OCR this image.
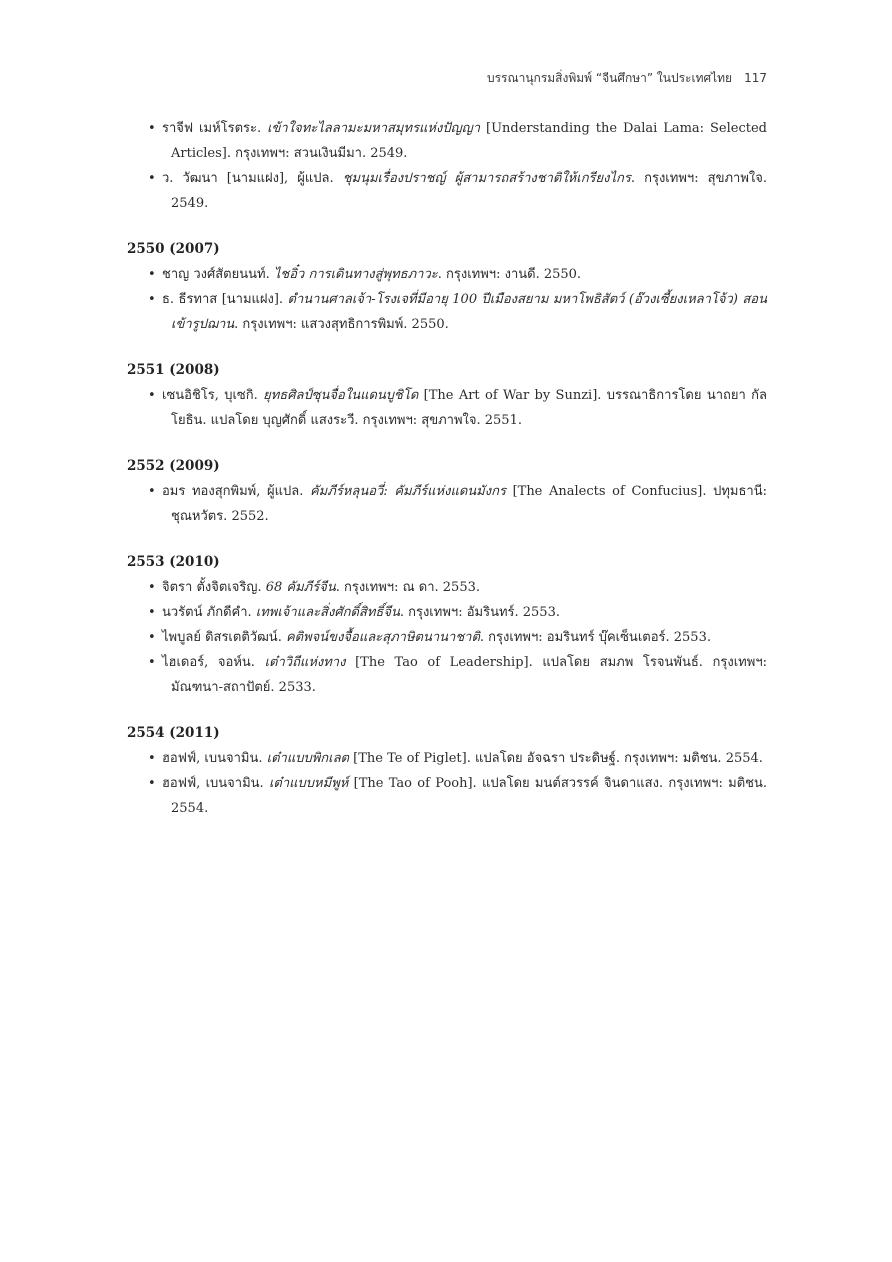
บรรณานุกรมสิ่งพิมพ์ “จีนศึกษา” ในประเทศไทย 117
• ราจีฟ เมห์โรตระ. เข้าใจทะไลลามะมหาสมุทรแห่งปัญญา [Understanding the Dalai Lama: Selected Articles]. กรุงเทพฯ: สวนเงินมีมา. 2549.
• ว. วัฒนา [นามแฝง], ผู้แปล. ชุมนุมเรื่องปราชญ์ ผู้สามารถสร้างชาติให้เกรียงไกร. กรุงเทพฯ: สุขภาพใจ. 2549.
2550 (2007)
• ชาญ วงศ์สัตยนนท์. ไชอิ๋ว การเดินทางสู่พุทธภาวะ. กรุงเทพฯ: งานดี. 2550.
• ธ. ธีรทาส [นามแฝง]. ตำนานศาลเจ้า-โรงเจที่มีอายุ 100 ปีเมืองสยาม มหาโพธิสัตว์ (อ๊วงเซี้ยงเหลาโจ้ว) สอนเข้ารูปฌาน. กรุงเทพฯ: แสวงสุทธิการพิมพ์. 2550.
2551 (2008)
• เซนอิชิโร, บุเซกิ. ยุทธศิลป์ซุนจื่อในแดนบูชิโด [The Art of War by Sunzi]. บรรณาธิการโดย นาถยา กัลโยธิน. แปลโดย บุญศักดิ์ แสงระวี. กรุงเทพฯ: สุขภาพใจ. 2551.
2552 (2009)
• อมร ทองสุกพิมพ์, ผู้แปล. คัมภีร์หลุนอวี่: คัมภีร์แห่งแดนมังกร [The Analects of Confucius]. ปทุมธานี: ชุณหวัตร. 2552.
2553 (2010)
• จิตรา ตั้งจิตเจริญ. 68 คัมภีร์จีน. กรุงเทพฯ: ณ ดา. 2553.
• นวรัตน์ ภักดีคำ. เทพเจ้าและสิ่งศักดิ์สิทธิ์จีน. กรุงเทพฯ: อัมรินทร์. 2553.
• ไพบูลย์ ดิสรเตติวัฒน์. คติพจน์ขงจื้อและสุภาษิตนานาชาติ. กรุงเทพฯ: อมรินทร์ บุ๊คเซ็นเตอร์. 2553.
• ไฮเดอร์, จอห์น. เต๋าวิถีแห่งทาง [The Tao of Leadership]. แปลโดย สมภพ โรจนพันธ์. กรุงเทพฯ: มัณฑนา-สถาปัตย์. 2533.
2554 (2011)
• ฮอฟฟ์, เบนจามิน. เต๋าแบบพิกเลต [The Te of Piglet]. แปลโดย อัจฉรา ประดิษฐ์. กรุงเทพฯ: มติชน. 2554.
• ฮอฟฟ์, เบนจามิน. เต๋าแบบหมีพูห์ [The Tao of Pooh]. แปลโดย มนต์สวรรค์ จินดาแสง. กรุงเทพฯ: มติชน. 2554.
